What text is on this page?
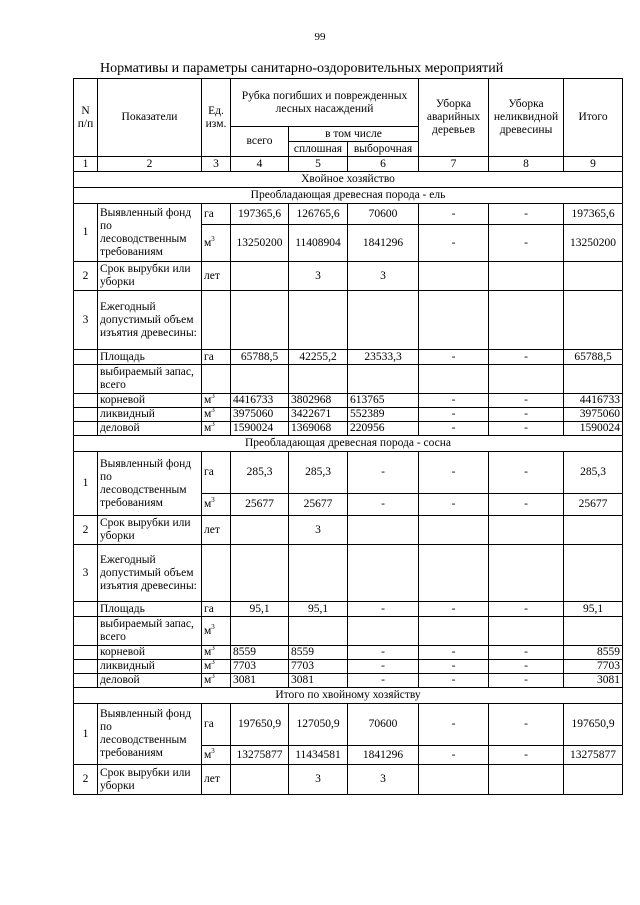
99
Нормативы и параметры санитарно-оздоровительных мероприятий
N п/п	Показатели	Ед. изм.	Рубка погибших и поврежденных лесных насаждений			Уборка аварийных деревьев	Уборка неликвидной древесины	Итого
			всего	в том числе				
				сплошная	выборочная			
1	2	3	4	5	6	7	8	9
Хвойное хозяйство								
Преобладающая древесная порода - ель								
1	Выявленный фонд по лесоводственным требованиям	га	197365,6	126765,6	70600	-	-	197365,6
		$м^3$	13250200	11408904	1841296	-	-	13250200
2	Срок вырубки или уборки	лет		3	3			
3	Ежегодный допустимый объем изъятия древесины:							
	Площадь	га	65788,5	42255,2	23533,3	-	-	65788,5
	выбираемый запас, всего							
	корневой	$м^3$	4416733	3802968	613765	-	-	4416733
	ликвидный	$м^3$	3975060	3422671	552389	-	-	3975060
	деловой	$м^3$	1590024	1369068	220956	-	-	1590024
Преобладающая древесная порода - сосна								
1	Выявленный фонд по лесоводственным требованиям	га	285,3	285,3	-	-	-	285,3
		$м^3$	25677	25677	-	-	-	25677
2	Срок вырубки или уборки	лет		3				
3	Ежегодный допустимый объем изъятия древесины:							
	Площадь	га	95,1	95,1	-	-	-	95,1
	выбираемый запас, всего	$м^3$						
	корневой	$м^3$	8559	8559	-	-	-	8559
	ликвидный	$м^3$	7703	7703	-	-	-	7703
	деловой	$м^3$	3081	3081	-	-	-	3081
Итого по хвойному хозяйству								
1	Выявленный фонд по лесоводственным требованиям	га	197650,9	127050,9	70600	-	-	197650,9
		$м^3$	13275877	11434581	1841296	-	-	13275877
2	Срок вырубки или уборки	лет		3	3			
